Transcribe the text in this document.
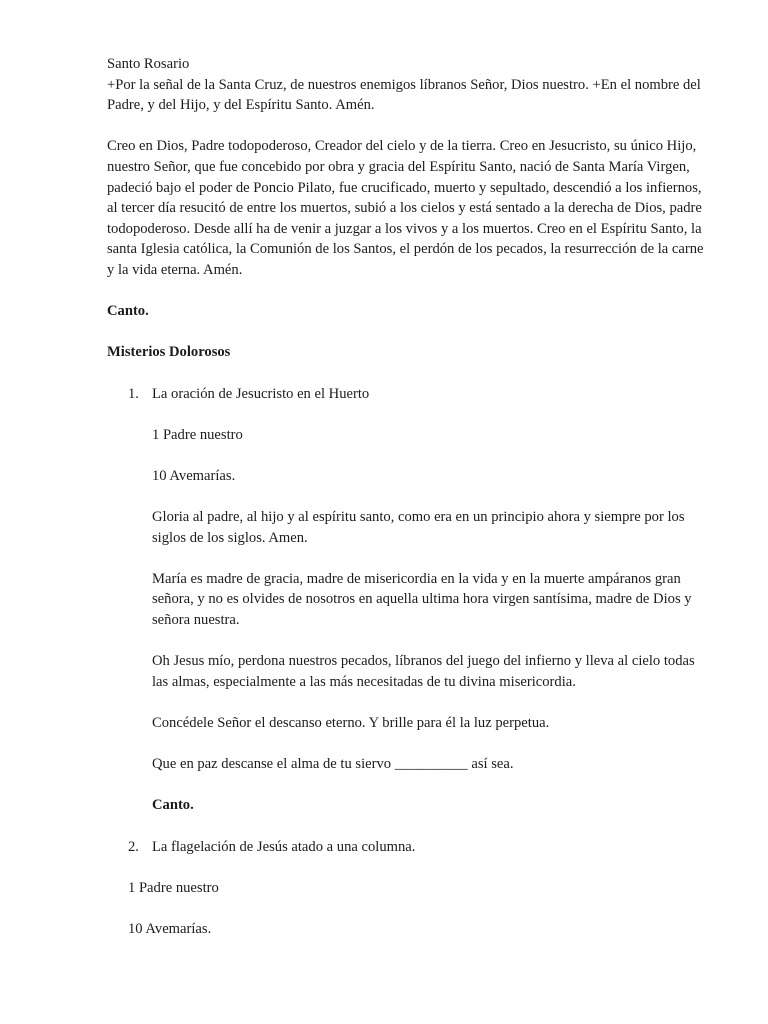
Santo Rosario

+Por la señal de la Santa Cruz, de nuestros enemigos líbranos Señor, Dios nuestro. +En el nombre del Padre, y del Hijo, y del Espíritu Santo. Amén.

Creo en Dios, Padre todopoderoso, Creador del cielo y de la tierra. Creo en Jesucristo, su único Hijo, nuestro Señor, que fue concebido por obra y gracia del Espíritu Santo, nació de Santa María Virgen, padeció bajo el poder de Poncio Pilato, fue crucificado, muerto y sepultado, descendió a los infiernos, al tercer día resucitó de entre los muertos, subió a los cielos y está sentado a la derecha de Dios, padre todopoderoso. Desde allí ha de venir a juzgar a los vivos y a los muertos. Creo en el Espíritu Santo, la santa Iglesia católica, la Comunión de los Santos, el perdón de los pecados, la resurrección de la carne y la vida eterna. Amén.

Canto.

Misterios Dolorosos

1. La oración de Jesucristo en el Huerto

1 Padre nuestro

10 Avemarías.

Gloria al padre, al hijo y al espíritu santo, como era en un principio ahora y siempre por los siglos de los siglos. Amen.

María es madre de gracia, madre de misericordia en la vida y en la muerte ampáranos gran señora, y no es olvides de nosotros en aquella ultima hora virgen santísima, madre de Dios y señora nuestra.

Oh Jesus mío, perdona nuestros pecados, líbranos del juego del infierno y lleva al cielo todas las almas, especialmente a las más necesitadas de tu divina misericordia.

Concédele Señor el descanso eterno. Y brille para él la luz perpetua.

Que en paz descanse el alma de tu siervo __________ así sea.

Canto.

2. La flagelación de Jesús atado a una columna.

1 Padre nuestro

10 Avemarías.
